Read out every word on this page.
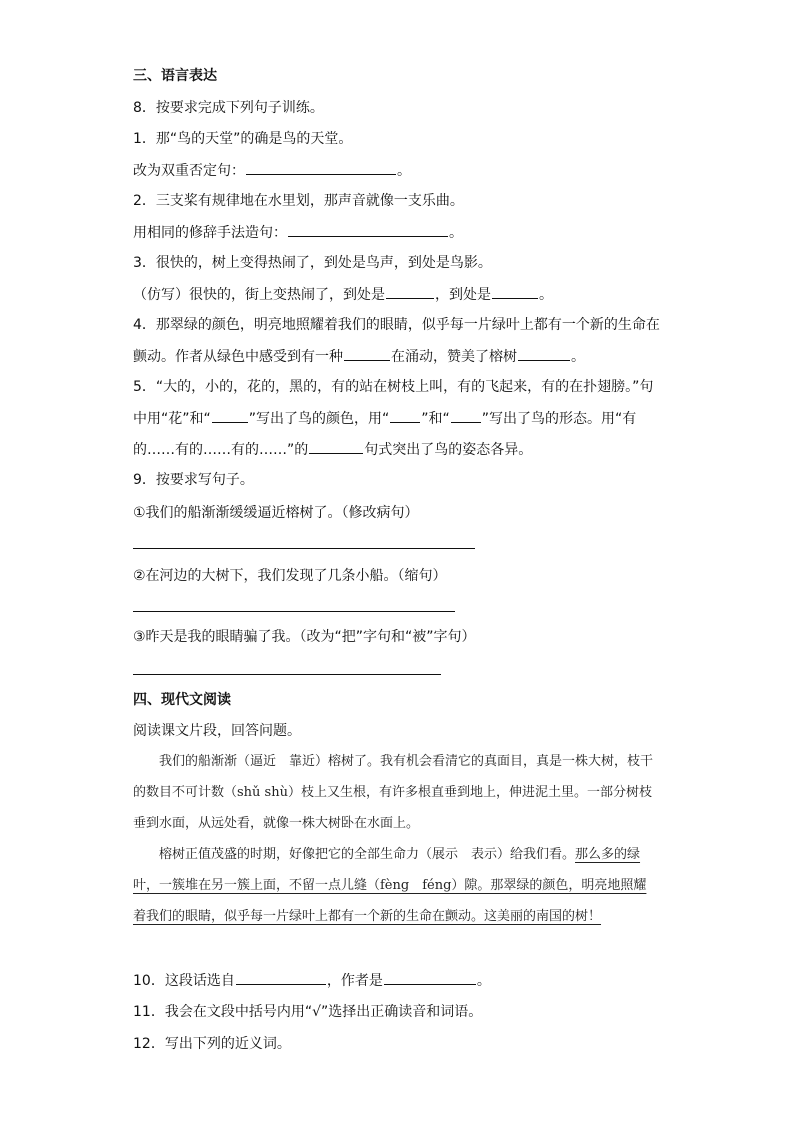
三、语言表达
8．按要求完成下列句子训练。
1．那“鸟的天堂”的确是鸟的天堂。
改为双重否定句：	。
2．三支桨有规律地在水里划，那声音就像一支乐曲。
用相同的修辞手法造句：	。
3．很快的，树上变得热闹了，到处是鸟声，到处是鸟影。
（仿写）很快的，街上变热闹了，到处是	，到处是	。
4．那翠绿的颜色，明亮地照耀着我们的眼睛，似乎每一片绿叶上都有一个新的生命在
颤动。作者从绿色中感受到有一种	在涌动，赞美了榕树	。
5．“大的，小的，花的，黑的，有的站在树枝上叫，有的飞起来，有的在扑翅膀。”句
中用“花”和“	”写出了鸟的颜色，用“ ”和“ ”写出了鸟的形态。用“有
的……有的……有的……”的	句式突出了鸟的姿态各异。
9．按要求写句子。
①我们的船渐渐缓缓逼近榕树了。（修改病句）
②在河边的大树下，我们发现了几条小船。（缩句）
③昨天是我的眼睛骗了我。（改为“把”字句和“被”字句）
四、现代文阅读
阅读课文片段，回答问题。

我们的船渐渐（逼近　靠近）榕树了。我有机会看清它的真面目，真是一株大树，枝干的数目不可计数（shǔ shù）枝上又生根，有许多根直垂到地上，伸进泥土里。一部分树枝垂到水面，从远处看，就像一株大树卧在水面上。

榕树正值茂盛的时期，好像把它的全部生命力（展示　表示）给我们看。那么多的绿叶，一簇堆在另一簇上面，不留一点儿缝（fèng　féng）隙。那翠绿的颜色，明亮地照耀着我们的眼睛，似乎每一片绿叶上都有一个新的生命在颤动。这美丽的南国的树！

10．这段话选自	，作者是	。
11．我会在文段中括号内用“√”选择出正确读音和词语。
12．写出下列的近义词。
